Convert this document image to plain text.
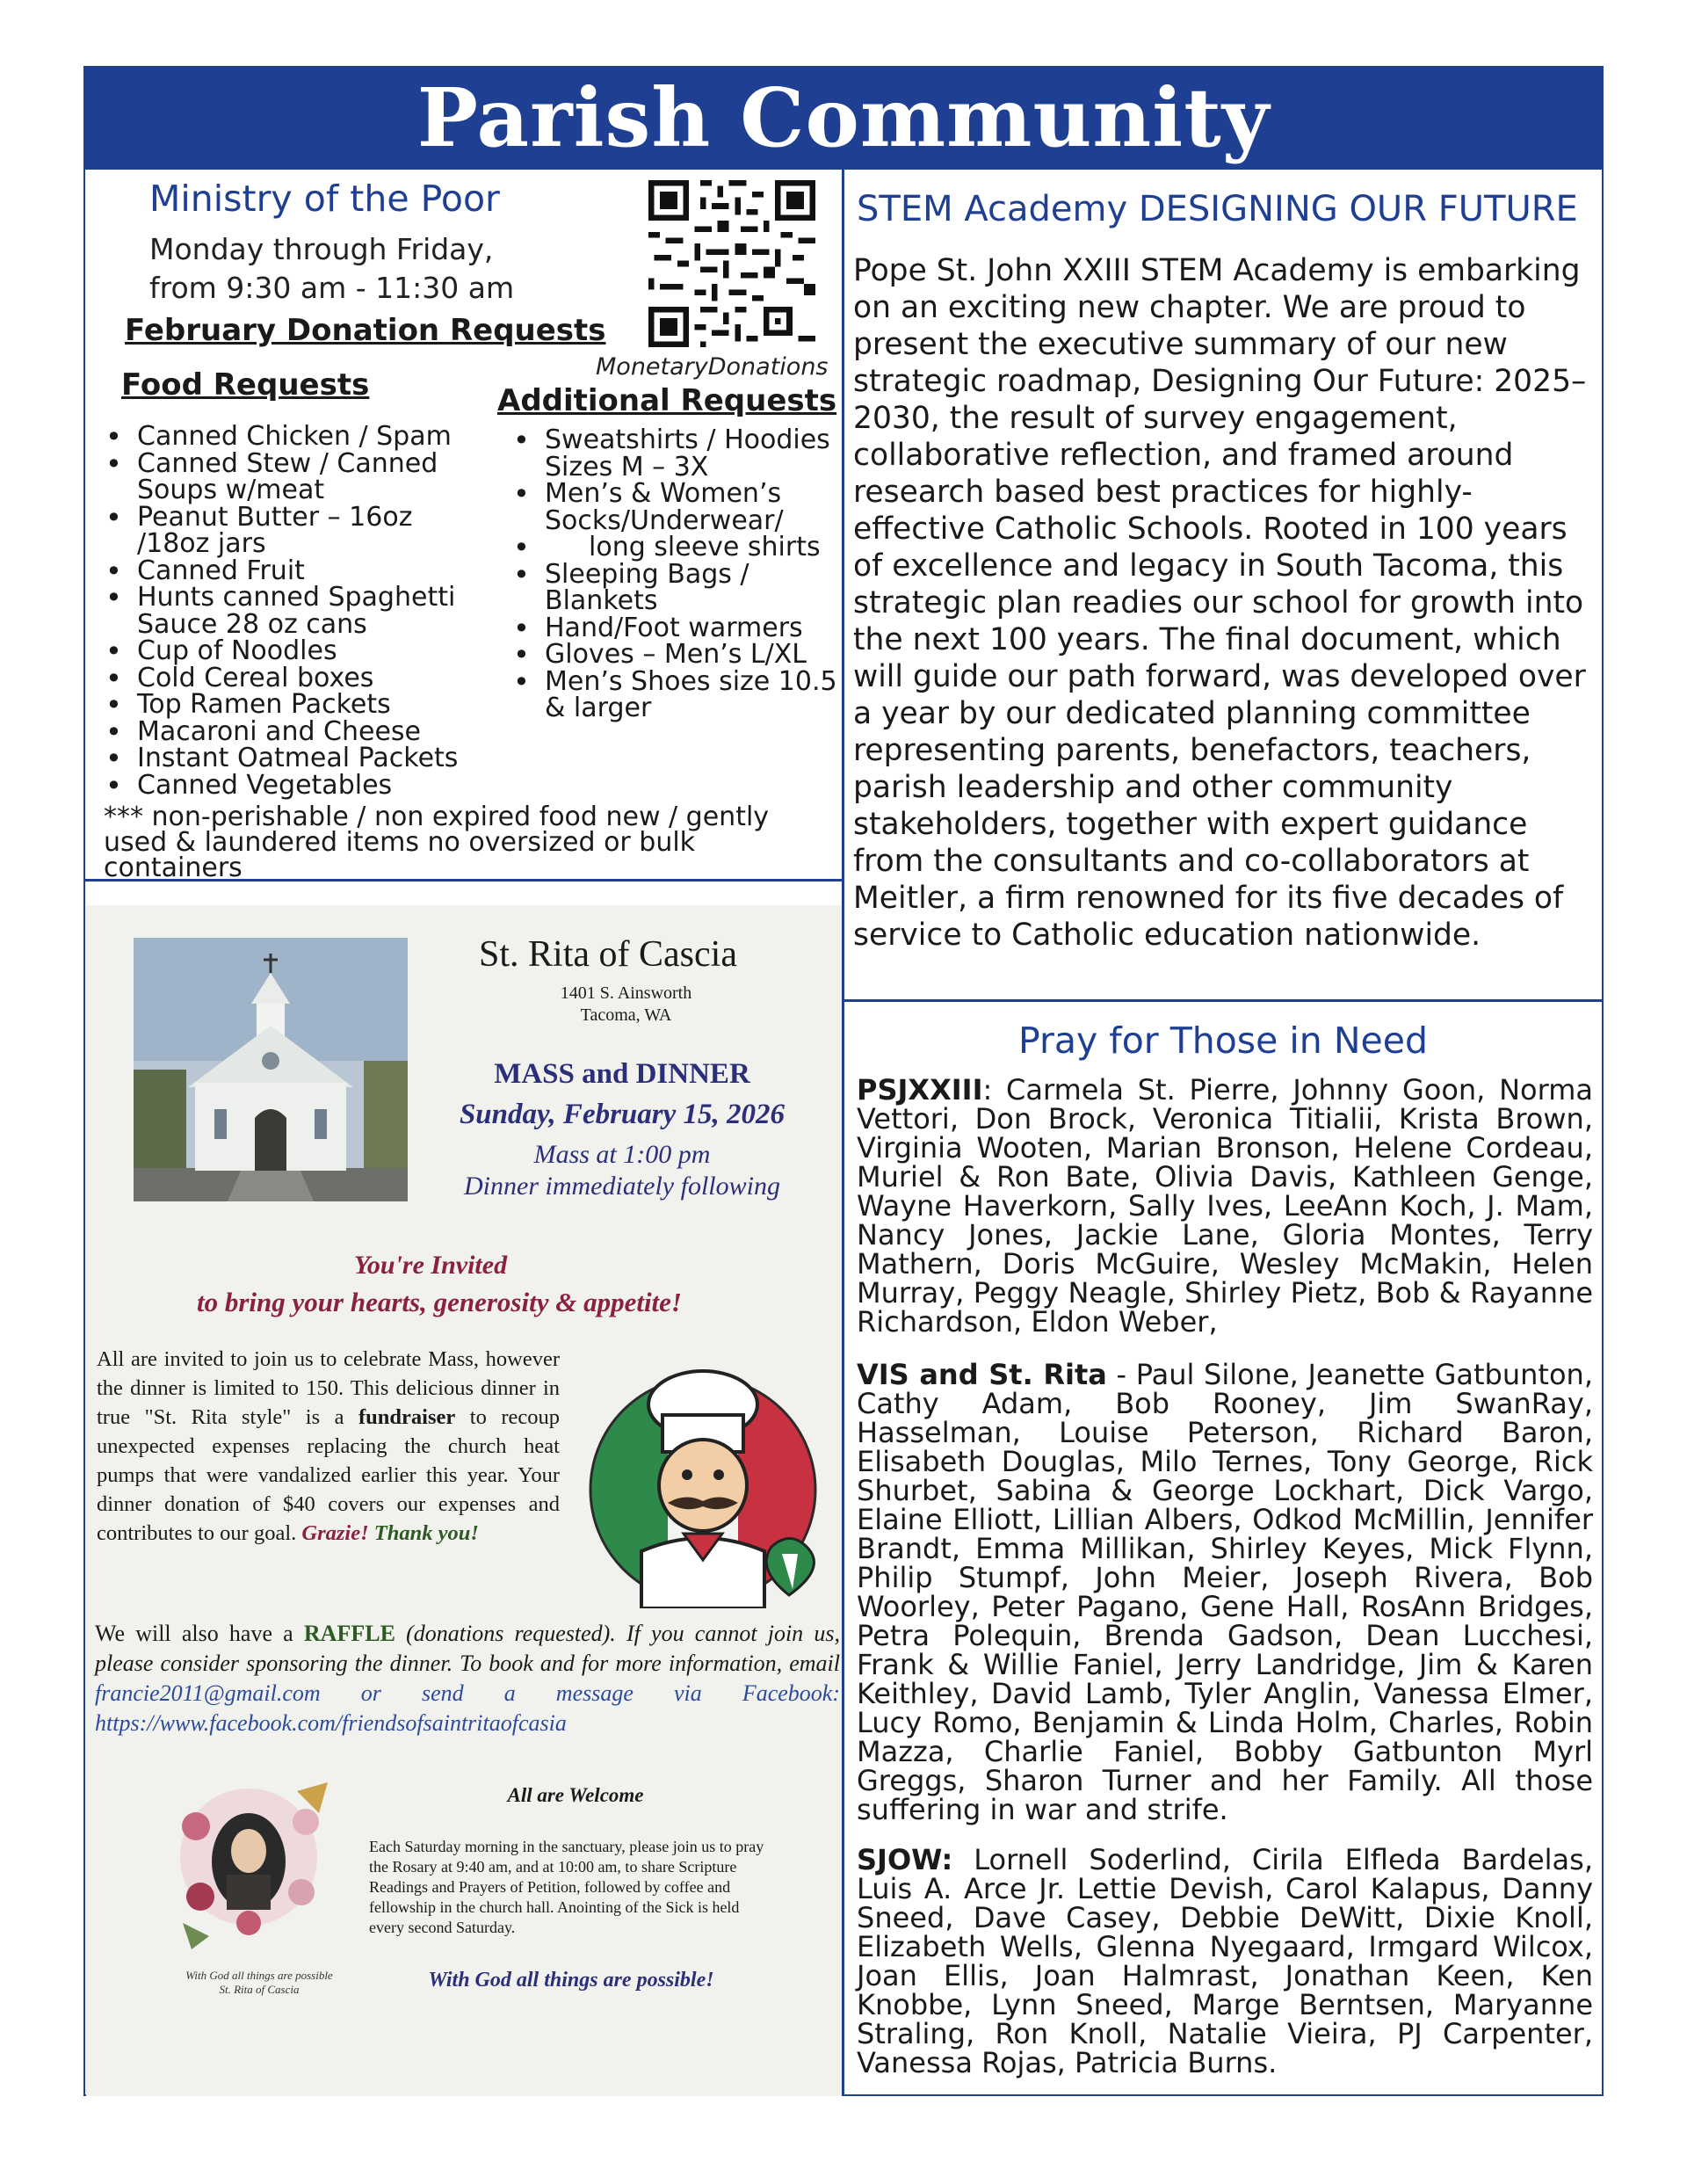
Parish Community
Ministry of the Poor
Monday through Friday,
from 9:30 am - 11:30 am
February Donation Requests
MonetaryDonations
Food Requests	Additional Requests
• Canned Chicken / Spam
• Canned Stew / Canned Soups w/meat
• Peanut Butter – 16oz /18oz jars
• Canned Fruit
• Hunts canned Spaghetti Sauce 28 oz cans
• Cup of Noodles
• Cold Cereal boxes
• Top Ramen Packets
• Macaroni and Cheese
• Instant Oatmeal Packets
• Canned Vegetables
• Sweatshirts / Hoodies Sizes M – 3X
• Men’s & Women’s Socks/Underwear/
• long sleeve shirts
• Sleeping Bags / Blankets
• Hand/Foot warmers
• Gloves – Men’s L/XL
• Men’s Shoes size 10.5 & larger
*** non-perishable / non expired food new / gently used & laundered items no oversized or bulk containers
STEM Academy DESIGNING OUR FUTURE
Pope St. John XXIII STEM Academy is embarking on an exciting new chapter. We are proud to present the executive summary of our new strategic roadmap, Designing Our Future: 2025–2030, the result of survey engagement, collaborative reflection, and framed around research based best practices for highly-effective Catholic Schools. Rooted in 100 years of excellence and legacy in South Tacoma, this strategic plan readies our school for growth into the next 100 years. The final document, which will guide our path forward, was developed over a year by our dedicated planning committee representing parents, benefactors, teachers, parish leadership and other community stakeholders, together with expert guidance from the consultants and co-collaborators at Meitler, a firm renowned for its five decades of service to Catholic education nationwide.
Pray for Those in Need
PSJXXIII: Carmela St. Pierre, Johnny Goon, Norma Vettori, Don Brock, Veronica Titialii, Krista Brown, Virginia Wooten, Marian Bronson, Helene Cordeau, Muriel & Ron Bate, Olivia Davis, Kathleen Genge, Wayne Haverkorn, Sally Ives, LeeAnn Koch, J. Mam, Nancy Jones, Jackie Lane, Gloria Montes, Terry Mathern, Doris McGuire, Wesley McMakin, Helen Murray, Peggy Neagle, Shirley Pietz, Bob & Rayanne Richardson, Eldon Weber,
VIS and St. Rita - Paul Silone, Jeanette Gatbunton, Cathy Adam, Bob Rooney, Jim SwanRay, Hasselman, Louise Peterson, Richard Baron, Elisabeth Douglas, Milo Ternes, Tony George, Rick Shurbet, Sabina & George Lockhart, Dick Vargo, Elaine Elliott, Lillian Albers, Odkod McMillin, Jennifer Brandt, Emma Millikan, Shirley Keyes, Mick Flynn, Philip Stumpf, John Meier, Joseph Rivera, Bob Woorley, Peter Pagano, Gene Hall, RosAnn Bridges, Petra Polequin, Brenda Gadson, Dean Lucchesi, Frank & Willie Faniel, Jerry Landridge, Jim & Karen Keithley, David Lamb, Tyler Anglin, Vanessa Elmer, Lucy Romo, Benjamin & Linda Holm, Charles, Robin Mazza, Charlie Faniel, Bobby Gatbunton Myrl Greggs, Sharon Turner and her Family. All those suffering in war and strife.
SJOW: Lornell Soderlind, Cirila Elfleda Bardelas, Luis A. Arce Jr. Lettie Devish, Carol Kalapus, Danny Sneed, Dave Casey, Debbie DeWitt, Dixie Knoll, Elizabeth Wells, Glenna Nyegaard, Irmgard Wilcox, Joan Ellis, Joan Halmrast, Jonathan Keen, Ken Knobbe, Lynn Sneed, Marge Berntsen, Maryanne Straling, Ron Knoll, Natalie Vieira, PJ Carpenter, Vanessa Rojas, Patricia Burns.
St. Rita of Cascia
1401 S. Ainsworth
Tacoma, WA
MASS and DINNER
Sunday, February 15, 2026
Mass at 1:00 pm
Dinner immediately following
You're Invited
to bring your hearts, generosity & appetite!
All are invited to join us to celebrate Mass, however the dinner is limited to 150. This delicious dinner in true "St. Rita style" is a fundraiser to recoup unexpected expenses replacing the church heat pumps that were vandalized earlier this year. Your dinner donation of $40 covers our expenses and contributes to our goal. Grazie! Thank you!
We will also have a RAFFLE (donations requested). If you cannot join us, please consider sponsoring the dinner. To book and for more information, email francie2011@gmail.com or send a message via Facebook: https://www.facebook.com/friendsofsaintritaofcasia
With God all things are possible
St. Rita of Cascia
All are Welcome
Each Saturday morning in the sanctuary, please join us to pray the Rosary at 9:40 am, and at 10:00 am, to share Scripture Readings and Prayers of Petition, followed by coffee and fellowship in the church hall. Anointing of the Sick is held every second Saturday.
With God all things are possible!
